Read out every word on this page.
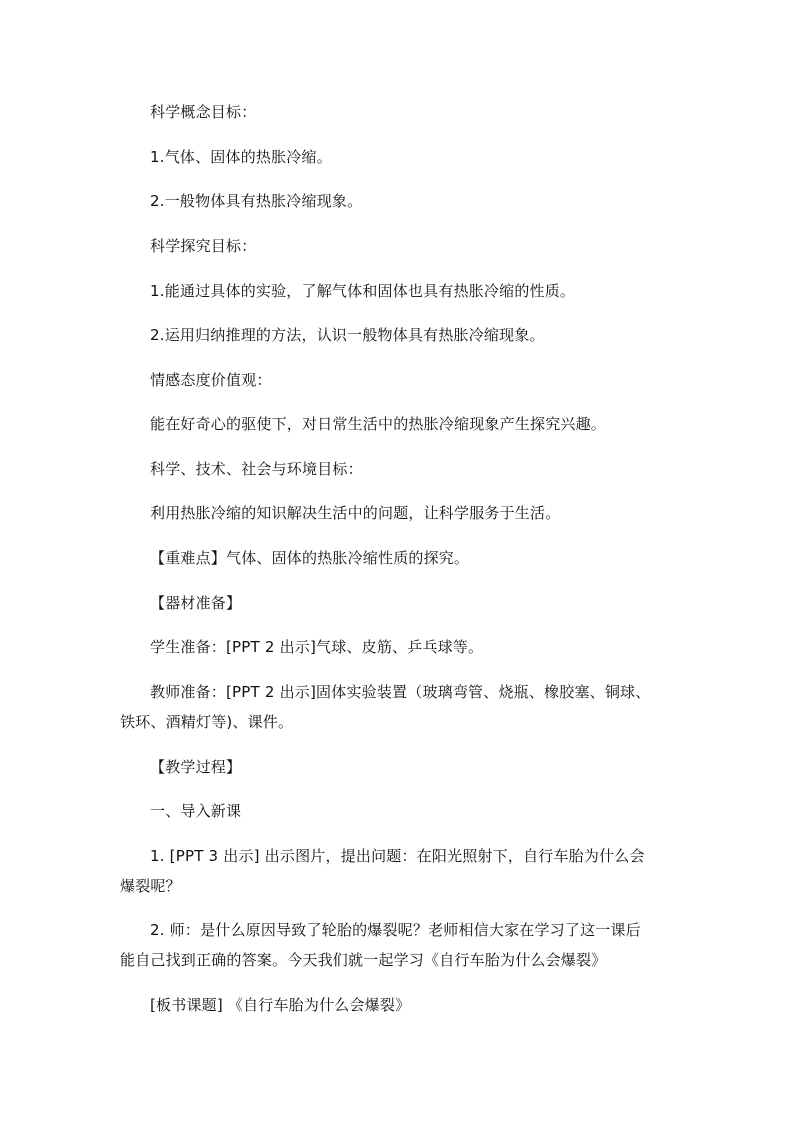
科学概念目标：
1.气体、固体的热胀冷缩。
2.一般物体具有热胀冷缩现象。
科学探究目标：
1.能通过具体的实验，了解气体和固体也具有热胀冷缩的性质。
2.运用归纳推理的方法，认识一般物体具有热胀冷缩现象。
情感态度价值观：
能在好奇心的驱使下，对日常生活中的热胀冷缩现象产生探究兴趣。
科学、技术、社会与环境目标：
利用热胀冷缩的知识解决生活中的问题，让科学服务于生活。
【重难点】气体、固体的热胀冷缩性质的探究。
【器材准备】
学生准备：[PPT 2 出示]气球、皮筋、乒乓球等。
教师准备：[PPT 2 出示]固体实验装置（玻璃弯管、烧瓶、橡胶塞、铜球、
铁环、酒精灯等)、课件。
【教学过程】
一、导入新课
1. [PPT 3 出示] 出示图片，提出问题：在阳光照射下，自行车胎为什么会
爆裂呢？
2. 师：是什么原因导致了轮胎的爆裂呢？老师相信大家在学习了这一课后
能自己找到正确的答案。今天我们就一起学习《自行车胎为什么会爆裂》
[板书课题] 《自行车胎为什么会爆裂》
